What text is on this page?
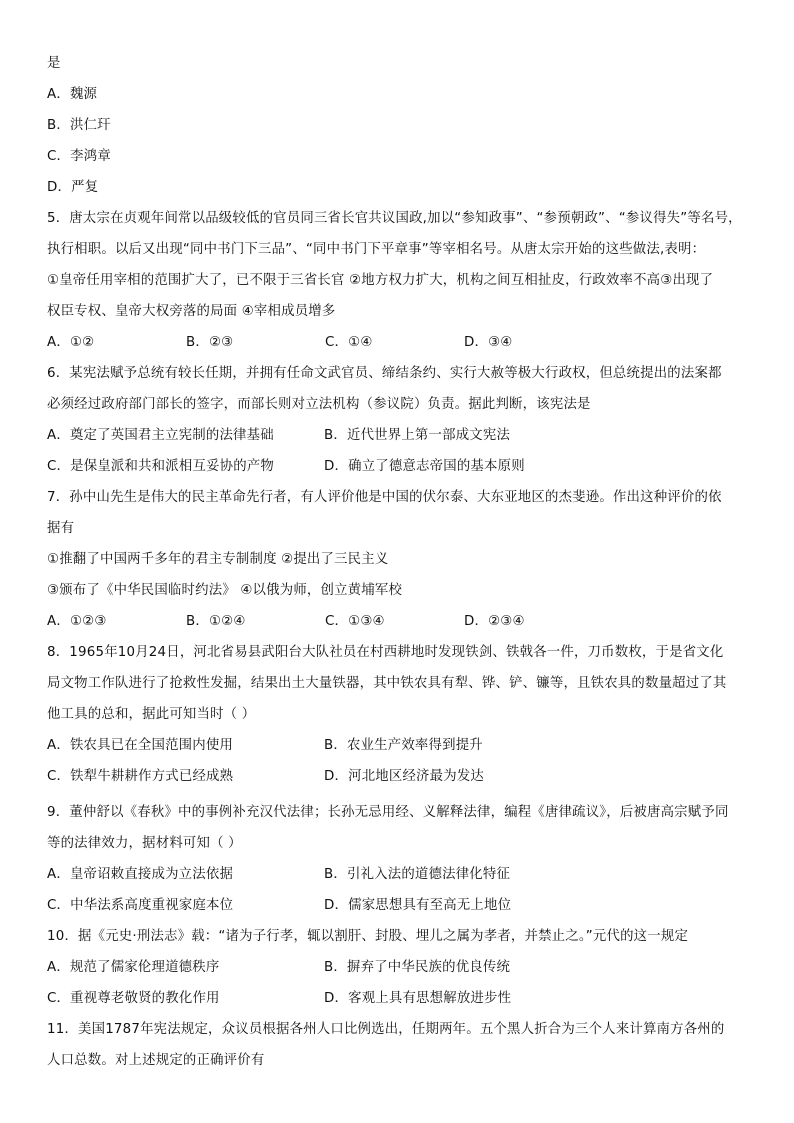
是
A．魏源
B．洪仁玕
C．李鸿章
D．严复
5．唐太宗在贞观年间常以品级较低的官员同三省长官共议国政,加以“参知政事”、“参预朝政”、“参议得失”等名号，
执行相职。以后又出现“同中书门下三品”、“同中书门下平章事”等宰相名号。从唐太宗开始的这些做法,表明：
①皇帝任用宰相的范围扩大了，已不限于三省长官 ②地方权力扩大，机构之间互相扯皮，行政效率不高③出现了
权臣专权、皇帝大权旁落的局面 ④宰相成员增多
A．①②	B．②③	C．①④	D．③④
6．某宪法赋予总统有较长任期，并拥有任命文武官员、缔结条约、实行大赦等极大行政权，但总统提出的法案都
必须经过政府部门部长的签字，而部长则对立法机构（参议院）负责。据此判断，该宪法是
A．奠定了英国君主立宪制的法律基础	B．近代世界上第一部成文宪法
C．是保皇派和共和派相互妥协的产物	D．确立了德意志帝国的基本原则
7．孙中山先生是伟大的民主革命先行者，有人评价他是中国的伏尔泰、大东亚地区的杰斐逊。作出这种评价的依
据有
①推翻了中国两千多年的君主专制制度 ②提出了三民主义
③颁布了《中华民国临时约法》 ④以俄为师，创立黄埔军校
A．①②③	B．①②④	C．①③④	D．②③④
8．1965年10月24日，河北省易县武阳台大队社员在村西耕地时发现铁剑、铁戟各一件，刀币数枚，于是省文化
局文物工作队进行了抢救性发掘，结果出土大量铁器，其中铁农具有犁、铧、铲、镰等，且铁农具的数量超过了其
他工具的总和，据此可知当时（ ）
A．铁农具已在全国范围内使用	B．农业生产效率得到提升
C．铁犁牛耕耕作方式已经成熟	D．河北地区经济最为发达
9．董仲舒以《春秋》中的事例补充汉代法律；长孙无忌用经、义解释法律，编程《唐律疏议》，后被唐高宗赋予同
等的法律效力，据材料可知（ ）
A．皇帝诏敕直接成为立法依据	B．引礼入法的道德法律化特征
C．中华法系高度重视家庭本位	D．儒家思想具有至高无上地位
10．据《元史·刑法志》载：“诸为子行孝，辄以割肝、封股、埋儿之属为孝者，并禁止之。”元代的这一规定
A．规范了儒家伦理道德秩序	B．摒弃了中华民族的优良传统
C．重视尊老敬贤的教化作用	D．客观上具有思想解放进步性
11．美国1787年宪法规定，众议员根据各州人口比例选出，任期两年。五个黑人折合为三个人来计算南方各州的
人口总数。对上述规定的正确评价有
